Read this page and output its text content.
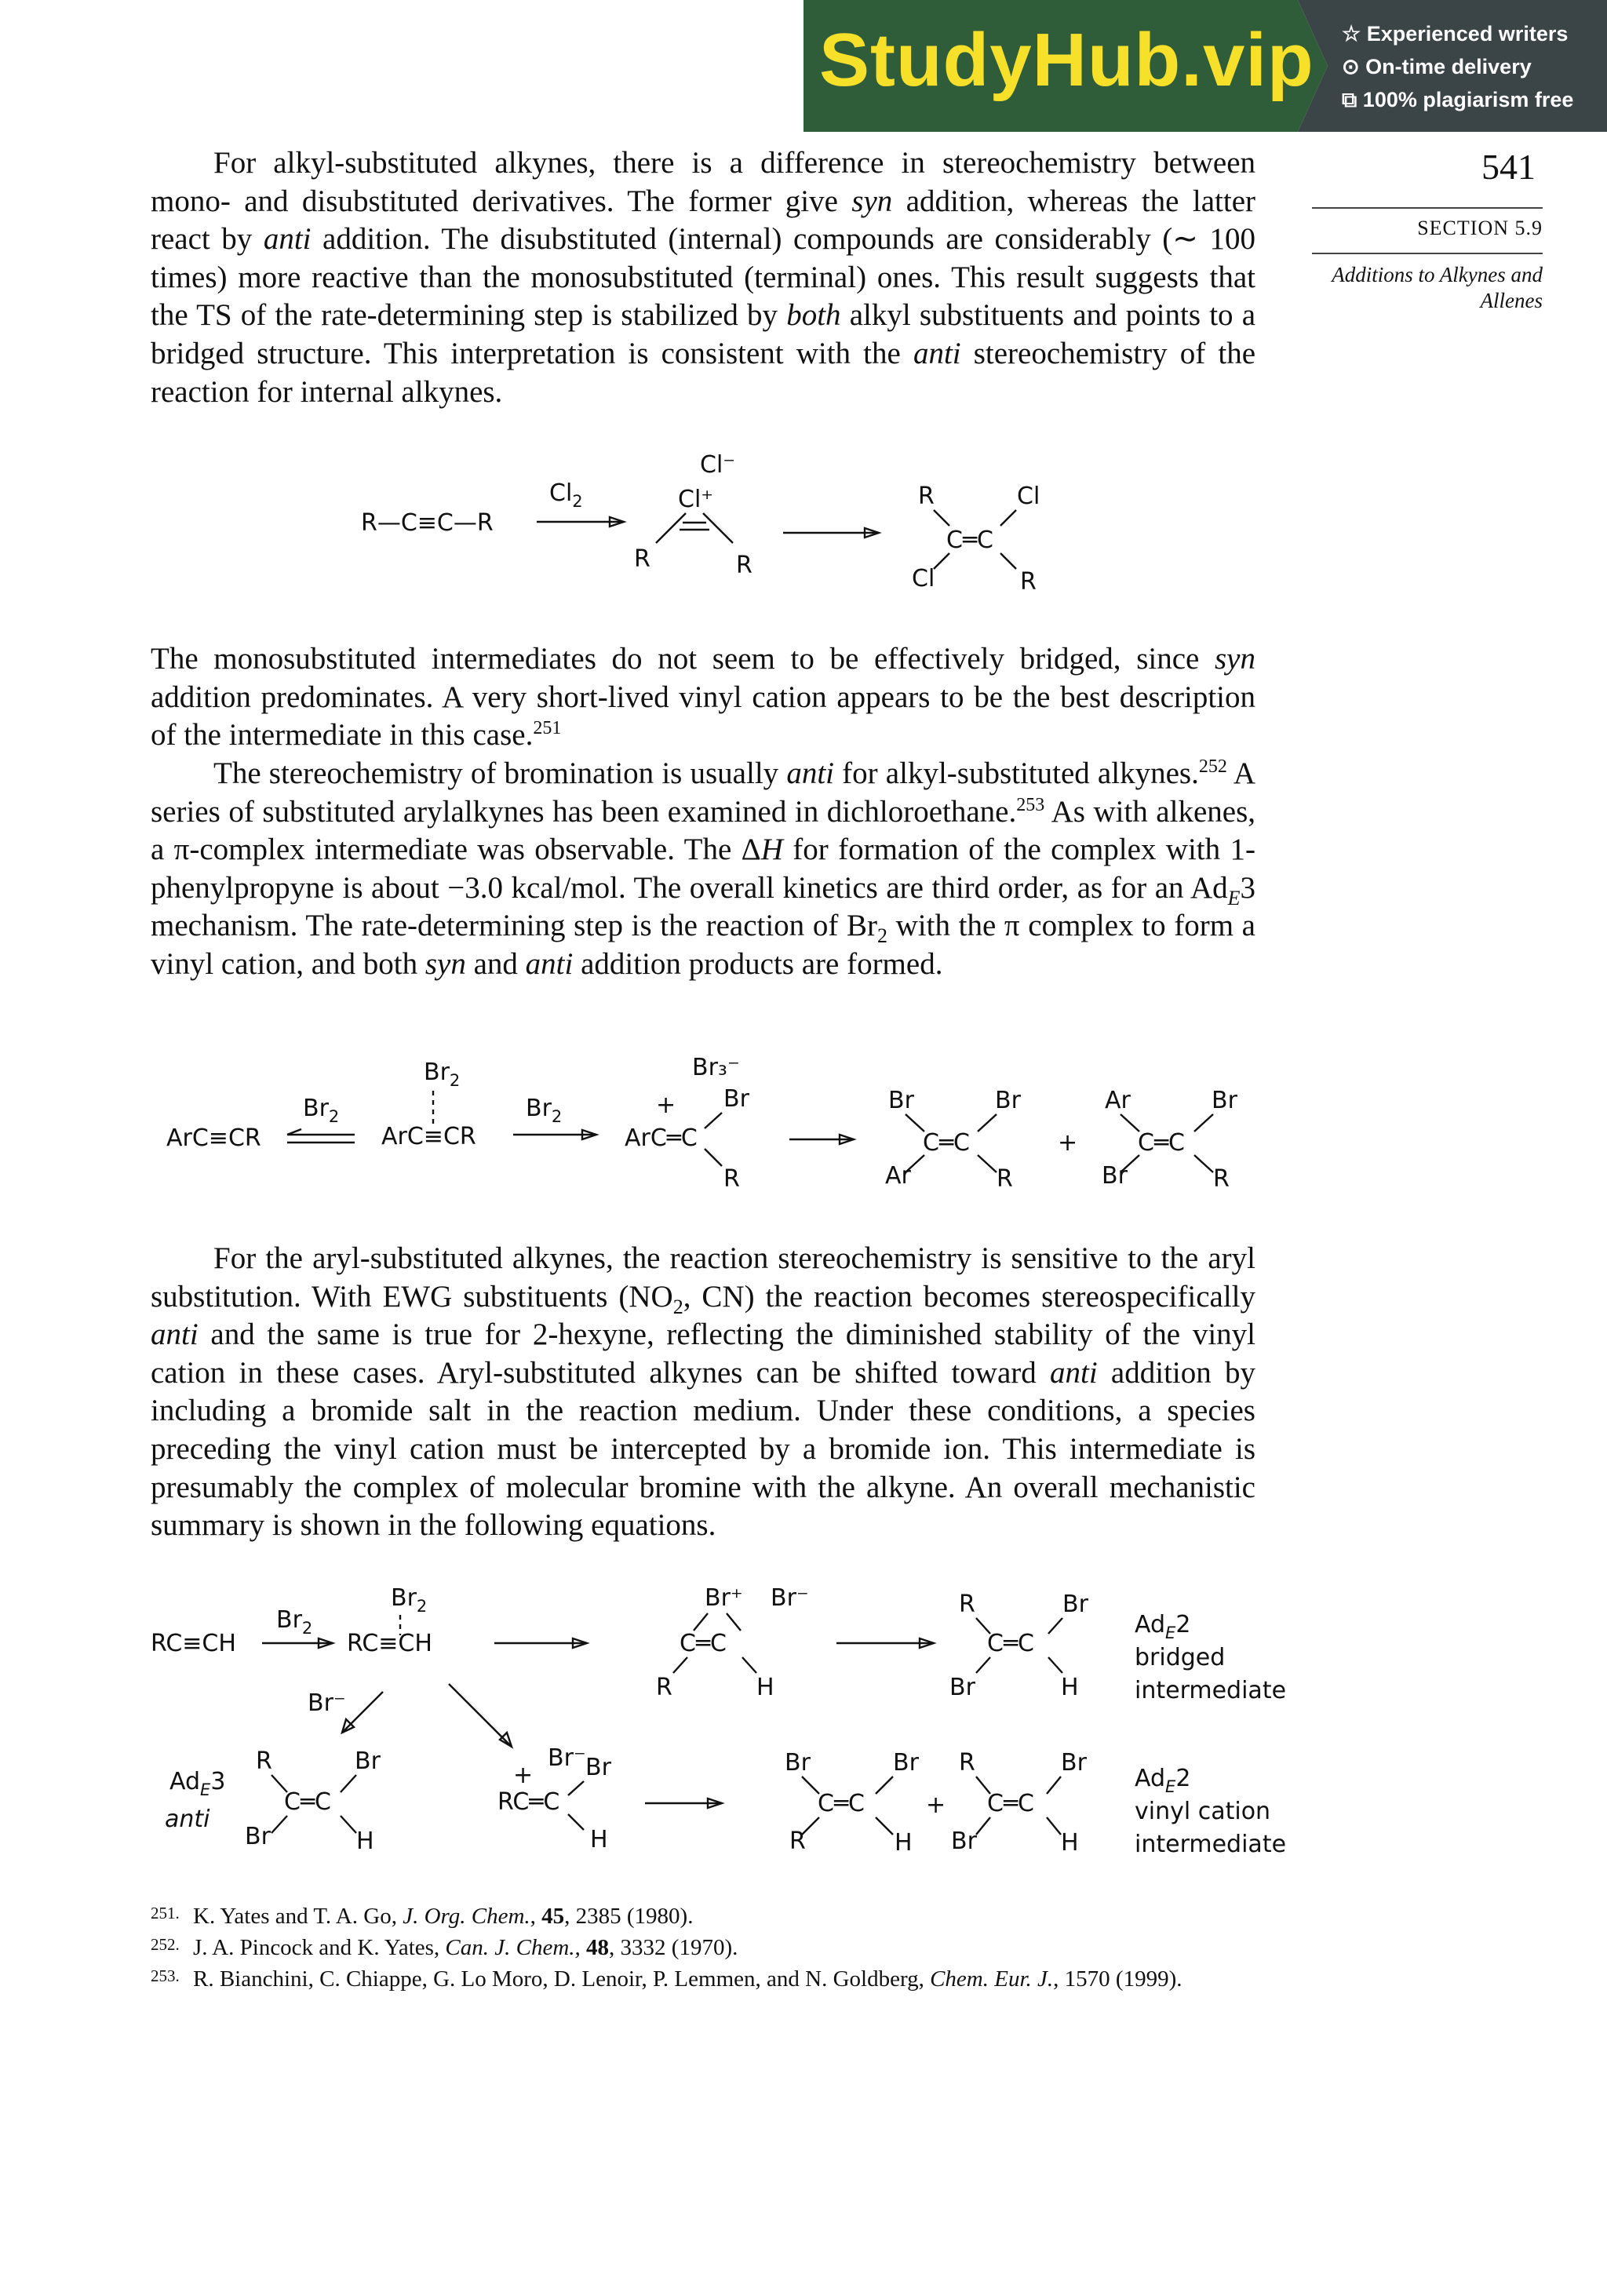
StudyHub.vip ☆ Experienced writers
⊙ On-time delivery
⧉ 100% plagiarism free
541
SECTION 5.9
Additions to Alkynes and Allenes

For alkyl-substituted alkynes, there is a difference in stereochemistry between mono- and disubstituted derivatives. The former give syn addition, whereas the latter react by anti addition. The disubstituted (internal) compounds are considerably (∼ 100 times) more reactive than the monosubstituted (terminal) ones. This result suggests that the TS of the rate-determining step is stabilized by both alkyl substituents and points to a bridged structure. This interpretation is consistent with the anti stereochemistry of the reaction for internal alkynes.

R—C≡C—R
$Cl_2$
Cl⁻
Cl⁺
R	R
R	Cl
C═C
Cl	R

The monosubstituted intermediates do not seem to be effectively bridged, since syn addition predominates. A very short-lived vinyl cation appears to be the best description of the intermediate in this case.$^{251}$

The stereochemistry of bromination is usually anti for alkyl-substituted alkynes.$^{252}$ A series of substituted arylalkynes has been examined in dichloroethane.$^{253}$ As with alkenes, a π-complex intermediate was observable. The ΔH for formation of the complex with 1-phenylpropyne is about −3.0 kcal/mol. The overall kinetics are third order, as for an $Ad_E3$ mechanism. The rate-determining step is the reaction of $Br_2$ with the π complex to form a vinyl cation, and both syn and anti addition products are formed.

ArC≡CR
$Br_2$
$Br_2$
ArC≡CR
$Br_2$
Br₃⁻
+ Br
ArC═C
R
Br	Br
C═C
Ar	R
+
Ar	Br
C═C
Br	R

For the aryl-substituted alkynes, the reaction stereochemistry is sensitive to the aryl substitution. With EWG substituents ($NO_2$, CN) the reaction becomes stereospecifically anti and the same is true for 2-hexyne, reflecting the diminished stability of the vinyl cation in these cases. Aryl-substituted alkynes can be shifted toward anti addition by including a bromide salt in the reaction medium. Under these conditions, a species preceding the vinyl cation must be intercepted by a bromide ion. This intermediate is presumably the complex of molecular bromine with the alkyne. An overall mechanistic summary is shown in the following equations.

RC≡CH
$Br_2$
$Br_2$
RC≡CH
Br⁺ Br⁻
C═C
R	H
R	Br
C═C
Br	H
$Ad_E2$
bridged
intermediate
Br⁻
$Ad_E3$
anti
R	Br
C═C
Br	H
Br⁻
+ Br
RC═C
H
Br	Br
C═C
R	H
+
R	Br
C═C
Br	H
$Ad_E2$
vinyl cation
intermediate
251. K. Yates and T. A. Go, J. Org. Chem., 45, 2385 (1980).
252. J. A. Pincock and K. Yates, Can. J. Chem., 48, 3332 (1970).
253. R. Bianchini, C. Chiappe, G. Lo Moro, D. Lenoir, P. Lemmen, and N. Goldberg, Chem. Eur. J., 1570 (1999).
